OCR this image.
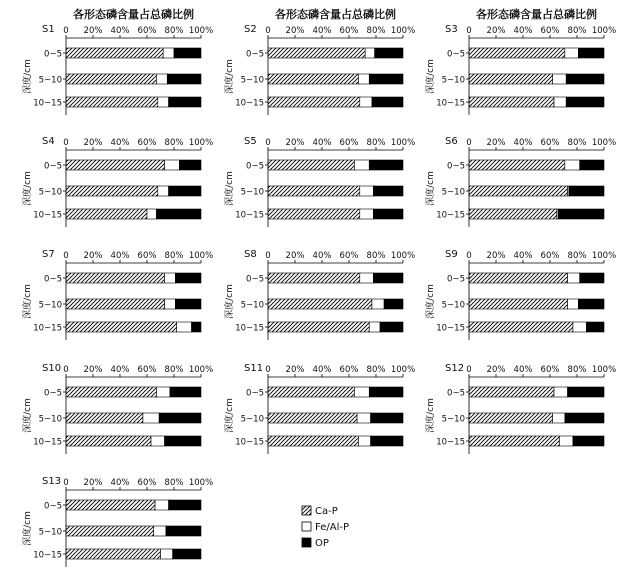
各形态磷含量占总磷比例
S1 0 20% 40% 60% 80% 100%
深度/cm
0~5
5~10
10~15
各形态磷含量占总磷比例
S2 0 20% 40% 60% 80% 100%
深度/cm
0~5
5~10
10~15
各形态磷含量占总磷比例
S3 0 20% 40% 60% 80% 100%
深度/cm
0~5
5~10
10~15
S4 0 20% 40% 60% 80% 100%
深度/cm
0~5
5~10
10~15
S5 0 20% 40% 60% 80% 100%
深度/cm
0~5
5~10
10~15
S6 0 20% 40% 60% 80% 100%
深度/cm
0~5
5~10
10~15
S7 0 20% 40% 60% 80% 100%
深度/cm
0~5
5~10
10~15
S8 0 20% 40% 60% 80% 100%
深度/cm
0~5
5~10
10~15
S9 0 20% 40% 60% 80% 100%
深度/cm
0~5
5~10
10~15
S10 0 20% 40% 60% 80% 100%
深度/cm
0~5
5~10
10~15
S11 0 20% 40% 60% 80% 100%
深度/cm
0~5
5~10
10~15
S12 0 20% 40% 60% 80% 100%
深度/cm
0~5
5~10
10~15
S13 0 20% 40% 60% 80% 100%
深度/cm
0~5
5~10
10~15
Ca-P
Fe/Al-P
OP
